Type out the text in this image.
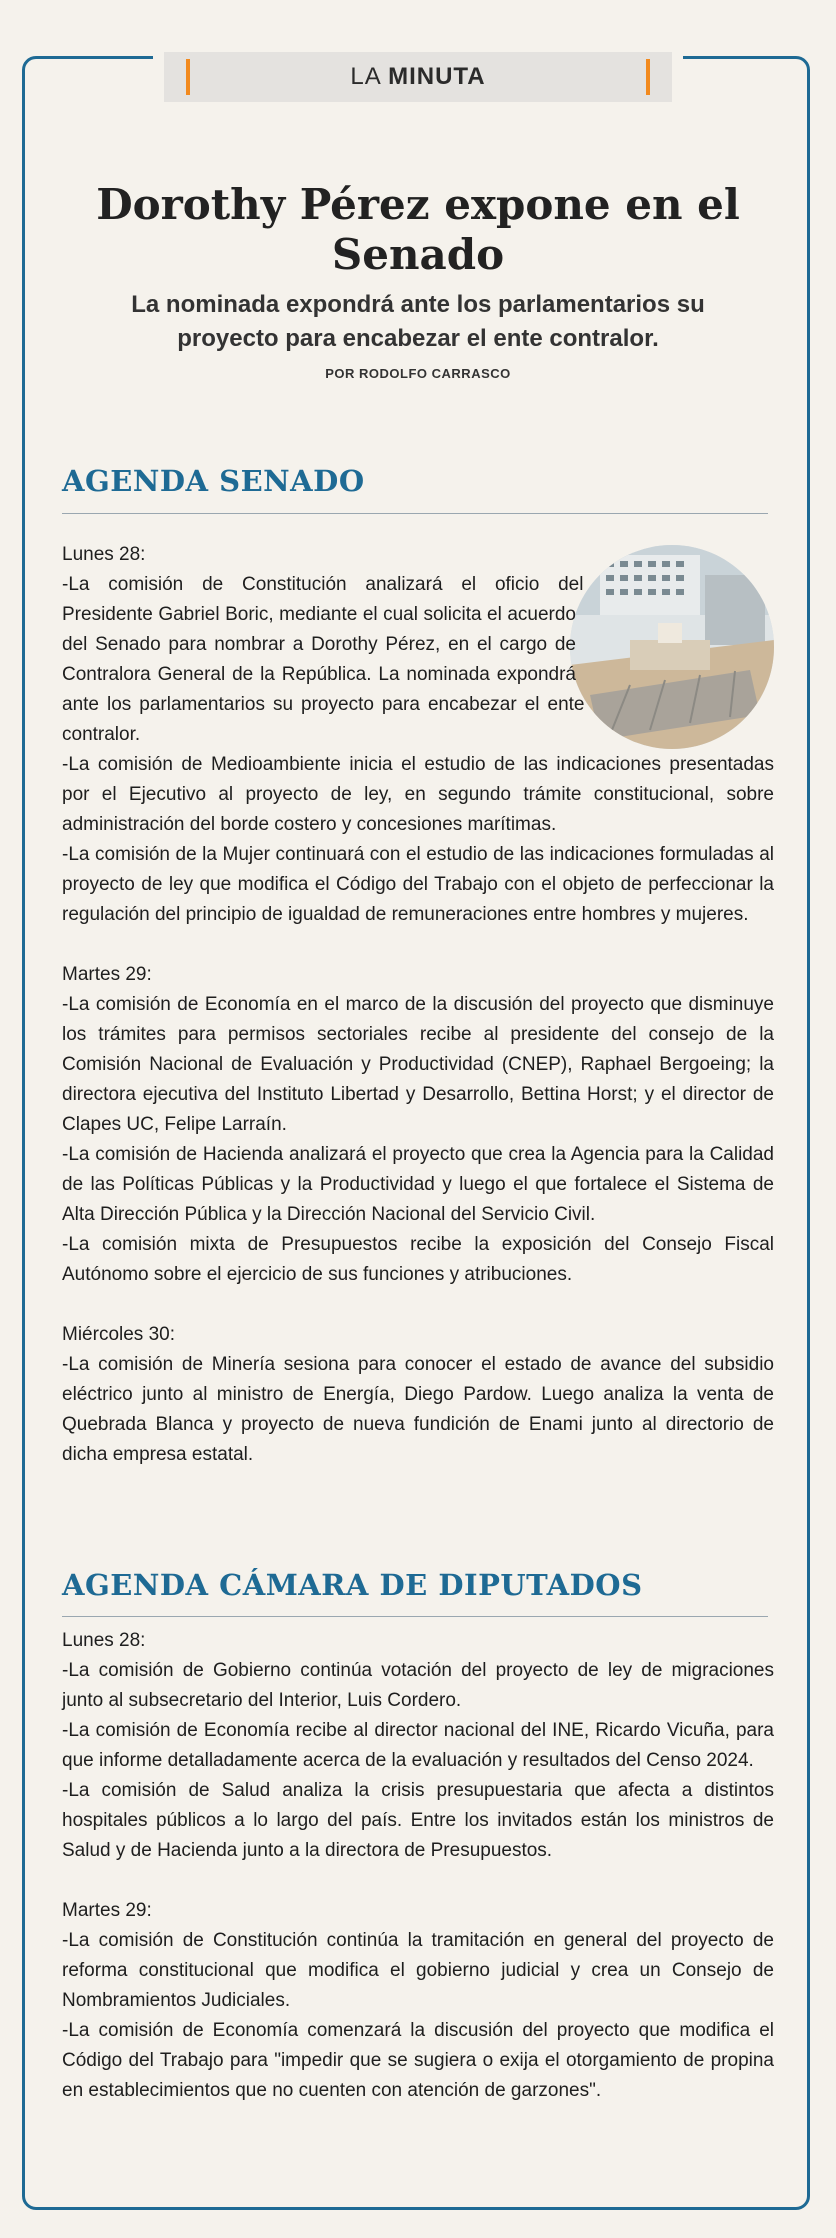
LA MINUTA
Dorothy Pérez expone en el Senado

La nominada expondrá ante los parlamentarios su proyecto para encabezar el ente contralor.

POR RODOLFO CARRASCO
AGENDA SENADO

Lunes 28:

-La comisión de Constitución analizará el oficio del Presidente Gabriel Boric, mediante el cual solicita el acuerdo del Senado para nombrar a Dorothy Pérez, en el cargo de Contralora General de la República. La nominada expondrá ante los parlamentarios su proyecto para encabezar el ente contralor.

-La comisión de Medioambiente inicia el estudio de las indicaciones presentadas por el Ejecutivo al proyecto de ley, en segundo trámite constitucional, sobre administración del borde costero y concesiones marítimas.

-La comisión de la Mujer continuará con el estudio de las indicaciones formuladas al proyecto de ley que modifica el Código del Trabajo con el objeto de perfeccionar la regulación del principio de igualdad de remuneraciones entre hombres y mujeres.

Martes 29:

-La comisión de Economía en el marco de la discusión del proyecto que disminuye los trámites para permisos sectoriales recibe al presidente del consejo de la Comisión Nacional de Evaluación y Productividad (CNEP), Raphael Bergoeing; la directora ejecutiva del Instituto Libertad y Desarrollo, Bettina Horst; y el director de Clapes UC, Felipe Larraín.

-La comisión de Hacienda analizará el proyecto que crea la Agencia para la Calidad de las Políticas Públicas y la Productividad y luego el que fortalece el Sistema de Alta Dirección Pública y la Dirección Nacional del Servicio Civil.

-La comisión mixta de Presupuestos recibe la exposición del Consejo Fiscal Autónomo sobre el ejercicio de sus funciones y atribuciones.

Miércoles 30:

-La comisión de Minería sesiona para conocer el estado de avance del subsidio eléctrico junto al ministro de Energía, Diego Pardow. Luego analiza la venta de Quebrada Blanca y proyecto de nueva fundición de Enami junto al directorio de dicha empresa estatal.

AGENDA CÁMARA DE DIPUTADOS

Lunes 28:

-La comisión de Gobierno continúa votación del proyecto de ley de migraciones junto al subsecretario del Interior, Luis Cordero.

-La comisión de Economía recibe al director nacional del INE, Ricardo Vicuña, para que informe detalladamente acerca de la evaluación y resultados del Censo 2024.

-La comisión de Salud analiza la crisis presupuestaria que afecta a distintos hospitales públicos a lo largo del país. Entre los invitados están los ministros de Salud y de Hacienda junto a la directora de Presupuestos.

Martes 29:

-La comisión de Constitución continúa la tramitación en general del proyecto de reforma constitucional que modifica el gobierno judicial y crea un Consejo de Nombramientos Judiciales.

-La comisión de Economía comenzará la discusión del proyecto que modifica el Código del Trabajo para "impedir que se sugiera o exija el otorgamiento de propina en establecimientos que no cuenten con atención de garzones".
